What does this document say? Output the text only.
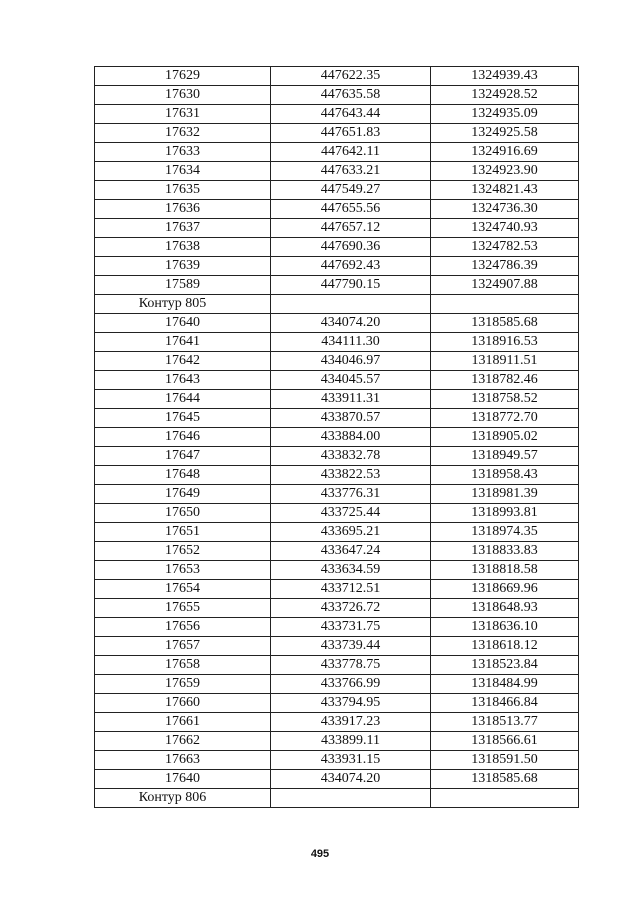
17629	447622.35	1324939.43
17630	447635.58	1324928.52
17631	447643.44	1324935.09
17632	447651.83	1324925.58
17633	447642.11	1324916.69
17634	447633.21	1324923.90
17635	447549.27	1324821.43
17636	447655.56	1324736.30
17637	447657.12	1324740.93
17638	447690.36	1324782.53
17639	447692.43	1324786.39
17589	447790.15	1324907.88
Контур 805		
17640	434074.20	1318585.68
17641	434111.30	1318916.53
17642	434046.97	1318911.51
17643	434045.57	1318782.46
17644	433911.31	1318758.52
17645	433870.57	1318772.70
17646	433884.00	1318905.02
17647	433832.78	1318949.57
17648	433822.53	1318958.43
17649	433776.31	1318981.39
17650	433725.44	1318993.81
17651	433695.21	1318974.35
17652	433647.24	1318833.83
17653	433634.59	1318818.58
17654	433712.51	1318669.96
17655	433726.72	1318648.93
17656	433731.75	1318636.10
17657	433739.44	1318618.12
17658	433778.75	1318523.84
17659	433766.99	1318484.99
17660	433794.95	1318466.84
17661	433917.23	1318513.77
17662	433899.11	1318566.61
17663	433931.15	1318591.50
17640	434074.20	1318585.68
Контур 806		
495
